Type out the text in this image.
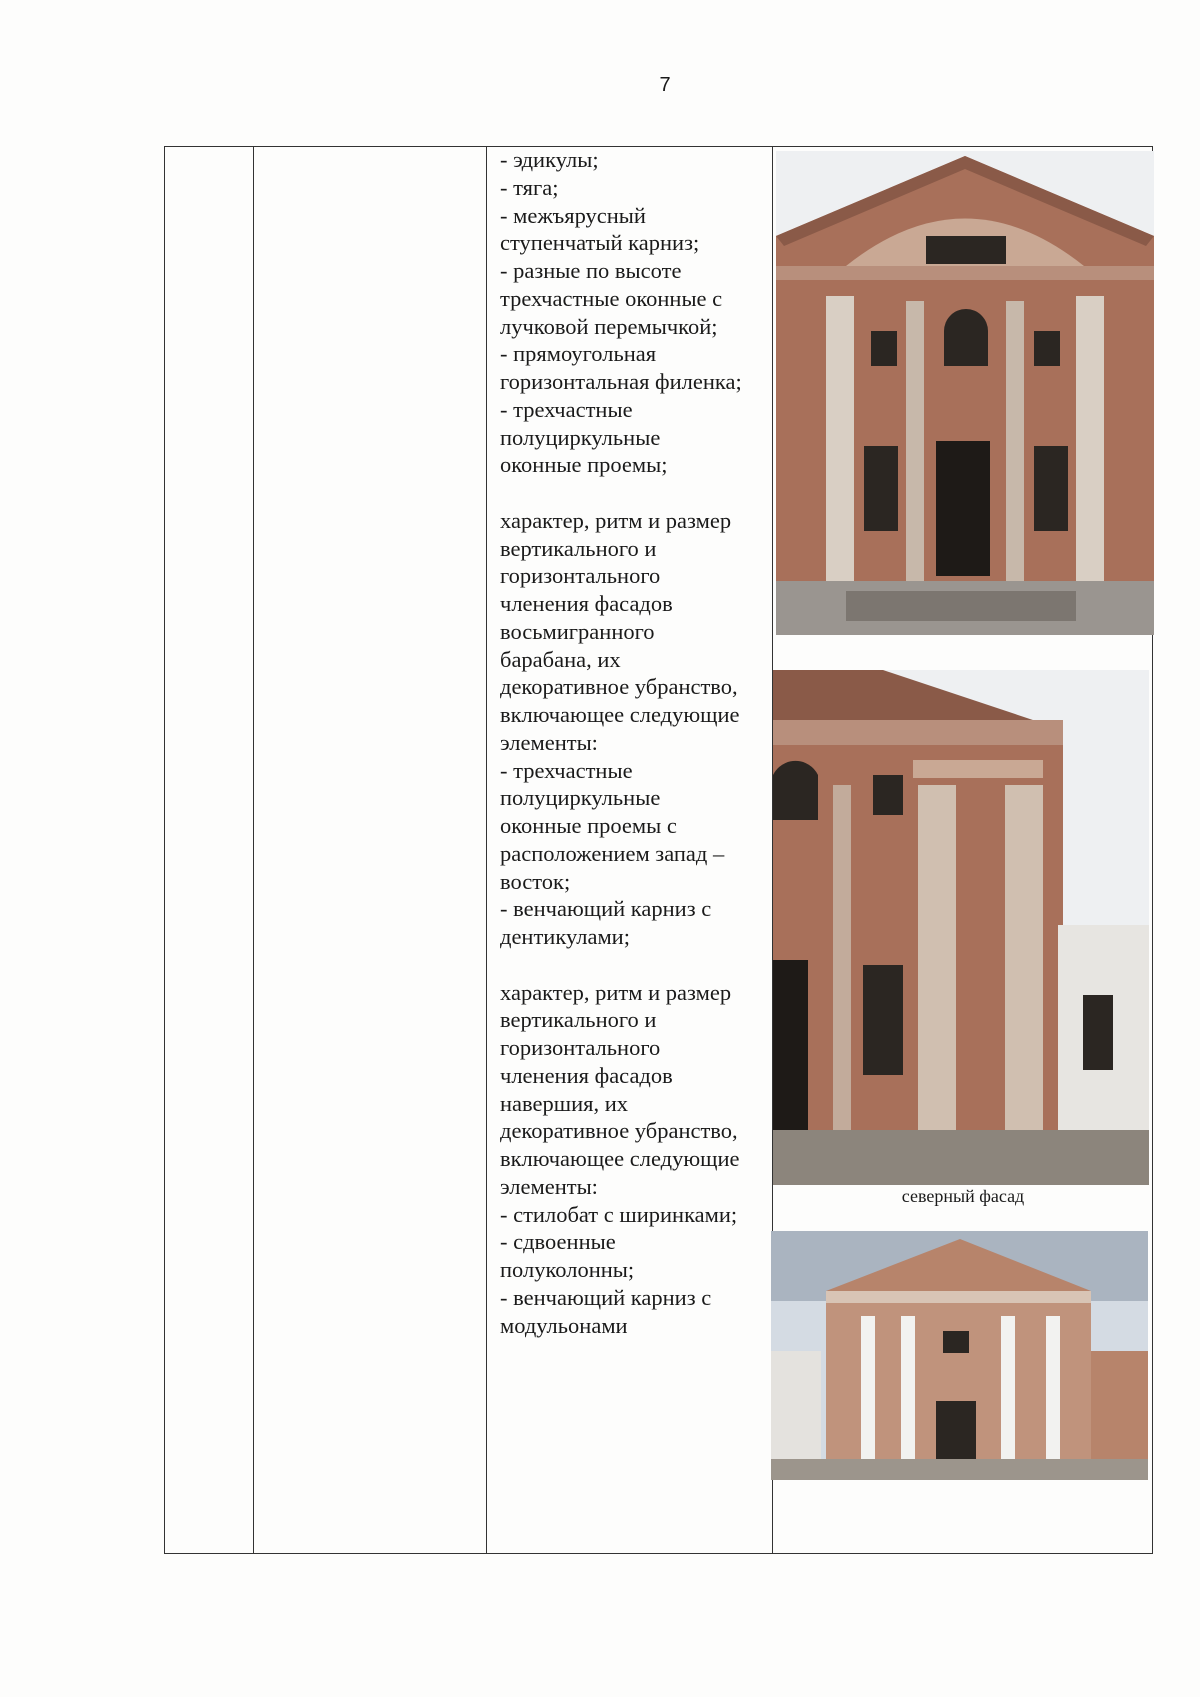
7
- эдикулы;
- тяга;
- межъярусный
ступенчатый карниз;
- разные по высоте
трехчастные оконные с
лучковой перемычкой;
- прямоугольная
горизонтальная филенка;
- трехчастные
полуциркульные
оконные проемы;
характер, ритм и размер
вертикального и
горизонтального
членения фасадов
восьмигранного
барабана, их
декоративное убранство,
включающее следующие
элементы:
- трехчастные
полуциркульные
оконные проемы с
расположением запад –
восток;
- венчающий карниз с
дентикулами;
характер, ритм и размер
вертикального и
горизонтального
членения фасадов
навершия, их
декоративное убранство,
включающее следующие
элементы:
- стилобат с ширинками;
- сдвоенные
полуколонны;
- венчающий карниз с
модульонами
северный фасад
